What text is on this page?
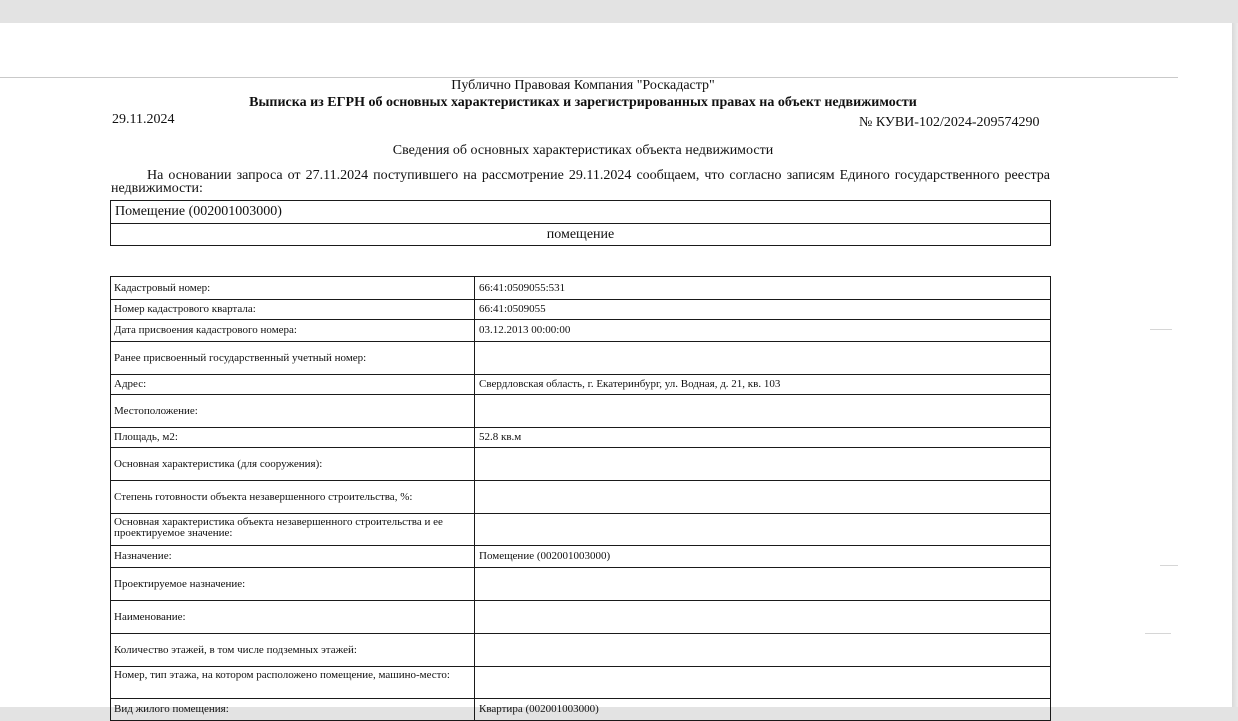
Публично Правовая Компания "Роскадастр"
Выписка из ЕГРН об основных характеристиках и зарегистрированных правах на объект недвижимости
29.11.2024	№ КУВИ-102/2024-209574290
Сведения об основных характеристиках объекта недвижимости
На основании запроса от 27.11.2024 поступившего на рассмотрение 29.11.2024 сообщаем, что согласно записям Единого государственного реестра недвижимости:
Помещение (002001003000)
помещение
Кадастровый номер:	66:41:0509055:531
Номер кадастрового квартала:	66:41:0509055
Дата присвоения кадастрового номера:	03.12.2013 00:00:00
Ранее присвоенный государственный учетный номер:	
Адрес:	Свердловская область, г. Екатеринбург, ул. Водная, д. 21, кв. 103
Местоположение:	
Площадь, м2:	52.8 кв.м
Основная характеристика (для сооружения):	
Степень готовности объекта незавершенного строительства, %:	
Основная характеристика объекта незавершенного строительства и ее проектируемое значение:	
Назначение:	Помещение (002001003000)
Проектируемое назначение:	
Наименование:	
Количество этажей, в том числе подземных этажей:	
Номер, тип этажа, на котором расположено помещение, машино-место:	
Вид жилого помещения:	Квартира (002001003000)
